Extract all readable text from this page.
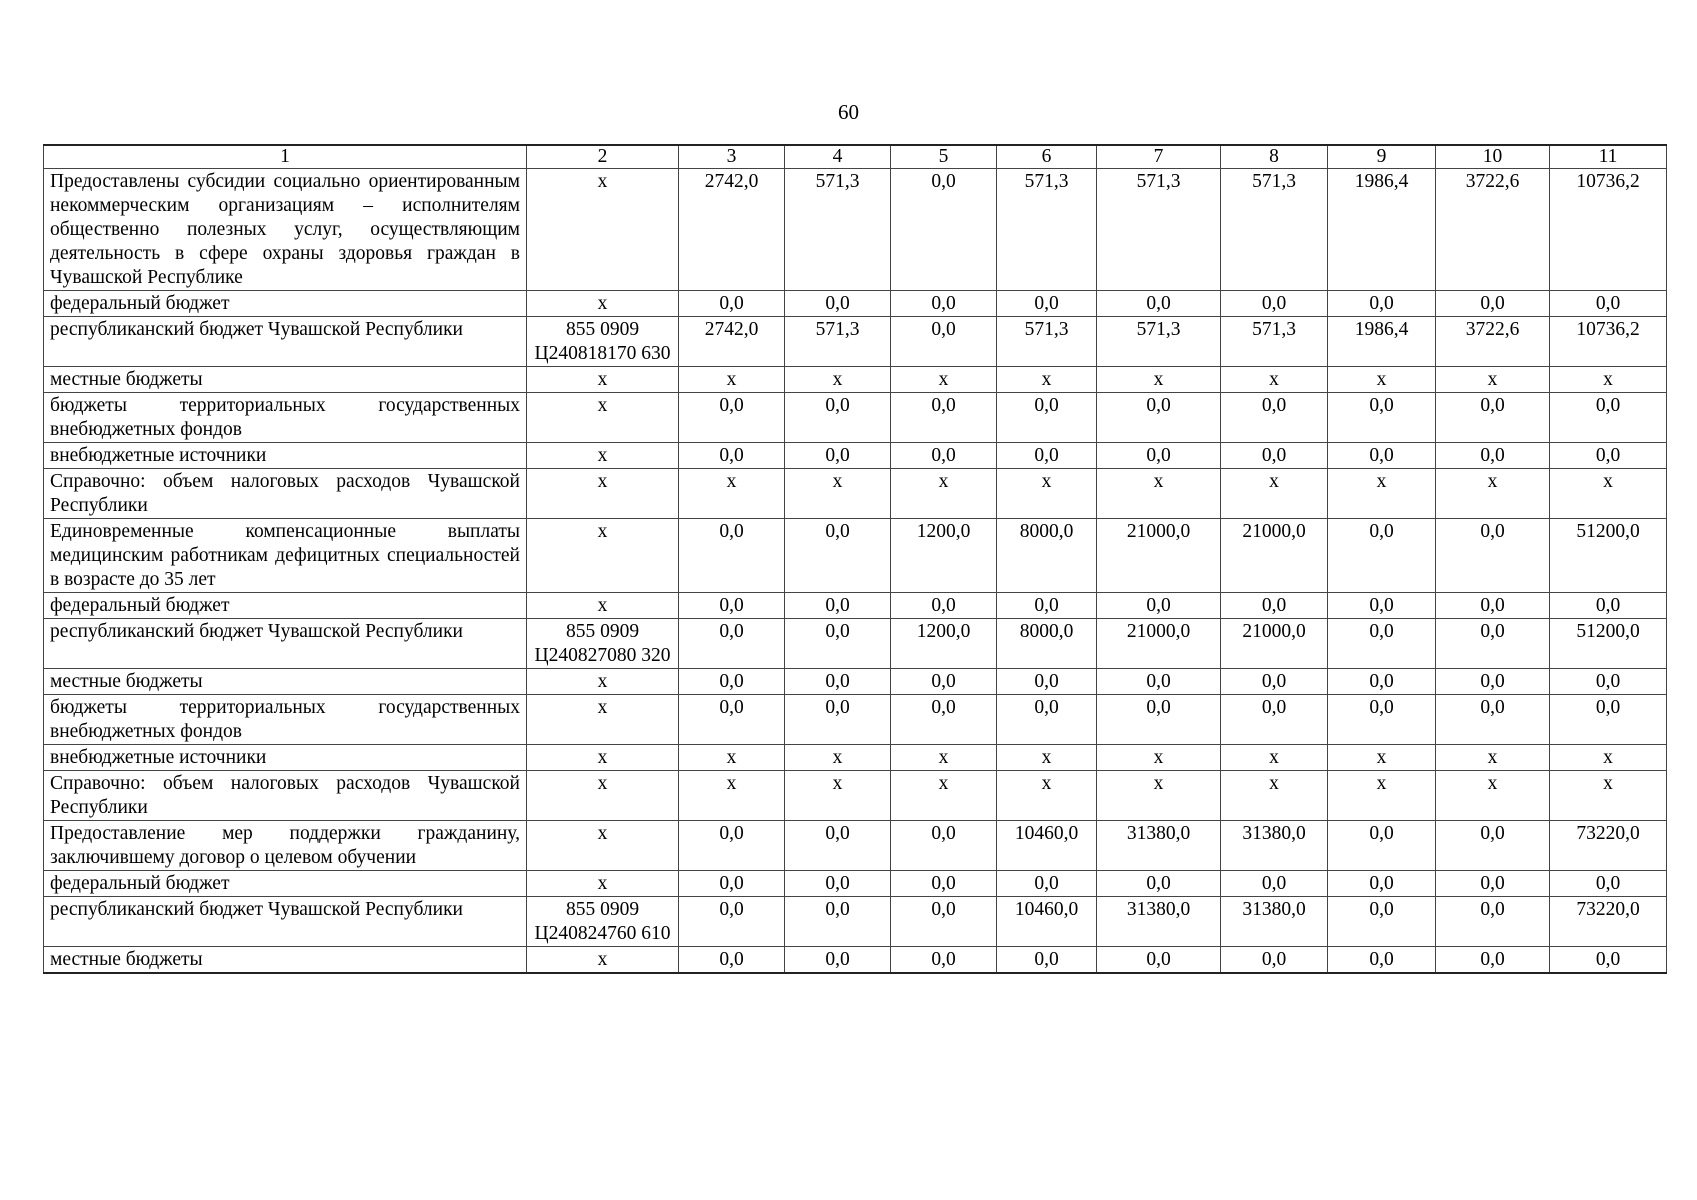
60
1	2	3	4	5	6	7	8	9	10	11
Предоставлены субсидии социально ориентированным некоммерческим организациям – исполнителям общественно полезных услуг, осуществляющим деятельность в сфере охраны здоровья граждан в Чувашской Республике	x	2742,0	571,3	0,0	571,3	571,3	571,3	1986,4	3722,6	10736,2
федеральный бюджет	x	0,0	0,0	0,0	0,0	0,0	0,0	0,0	0,0	0,0
республиканский бюджет Чувашской Республики	855 0909 Ц240818170 630	2742,0	571,3	0,0	571,3	571,3	571,3	1986,4	3722,6	10736,2
местные бюджеты	x	x	x	x	x	x	x	x	x	x
бюджеты территориальных государственных внебюджетных фондов	x	0,0	0,0	0,0	0,0	0,0	0,0	0,0	0,0	0,0
внебюджетные источники	x	0,0	0,0	0,0	0,0	0,0	0,0	0,0	0,0	0,0
Справочно: объем налоговых расходов Чувашской Республики	x	x	x	x	x	x	x	x	x	x
Единовременные компенсационные выплаты медицинским работникам дефицитных специальностей в возрасте до 35 лет	x	0,0	0,0	1200,0	8000,0	21000,0	21000,0	0,0	0,0	51200,0
федеральный бюджет	x	0,0	0,0	0,0	0,0	0,0	0,0	0,0	0,0	0,0
республиканский бюджет Чувашской Республики	855 0909 Ц240827080 320	0,0	0,0	1200,0	8000,0	21000,0	21000,0	0,0	0,0	51200,0
местные бюджеты	x	0,0	0,0	0,0	0,0	0,0	0,0	0,0	0,0	0,0
бюджеты территориальных государственных внебюджетных фондов	x	0,0	0,0	0,0	0,0	0,0	0,0	0,0	0,0	0,0
внебюджетные источники	x	x	x	x	x	x	x	x	x	x
Справочно: объем налоговых расходов Чувашской Республики	x	x	x	x	x	x	x	x	x	x
Предоставление мер поддержки гражданину, заключившему договор о целевом обучении	x	0,0	0,0	0,0	10460,0	31380,0	31380,0	0,0	0,0	73220,0
федеральный бюджет	x	0,0	0,0	0,0	0,0	0,0	0,0	0,0	0,0	0,0
республиканский бюджет Чувашской Республики	855 0909 Ц240824760 610	0,0	0,0	0,0	10460,0	31380,0	31380,0	0,0	0,0	73220,0
местные бюджеты	x	0,0	0,0	0,0	0,0	0,0	0,0	0,0	0,0	0,0
